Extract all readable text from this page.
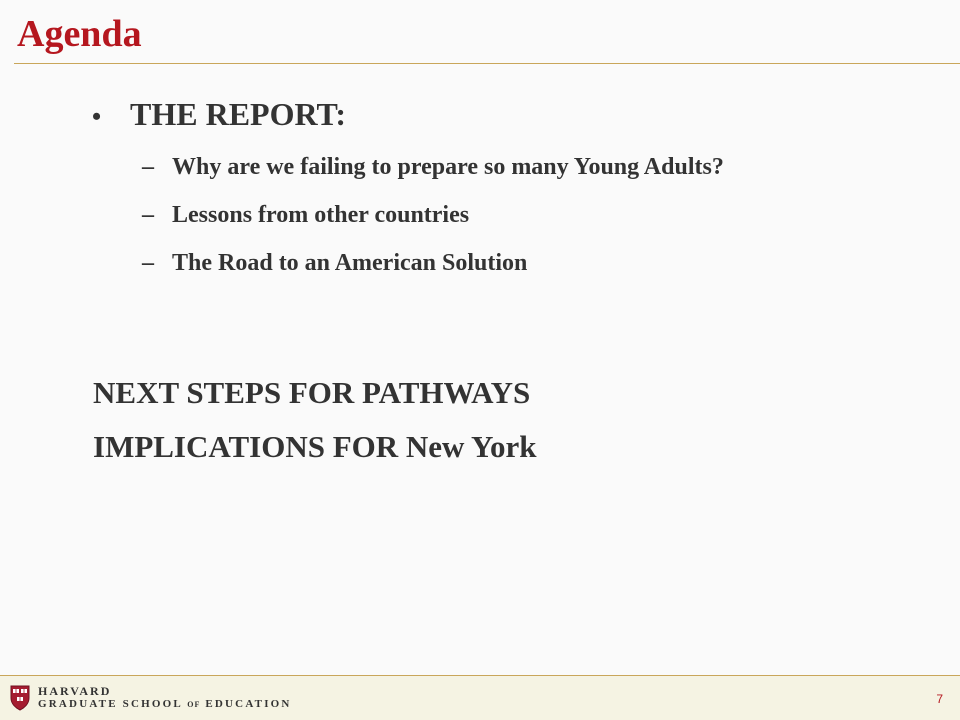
Agenda
• THE REPORT:
– Why are we failing to prepare so many Young Adults?
– Lessons from other countries
– The Road to an American Solution
NEXT STEPS FOR PATHWAYS
IMPLICATIONS FOR New York
HARVARD
GRADUATE SCHOOL OF EDUCATION	7
